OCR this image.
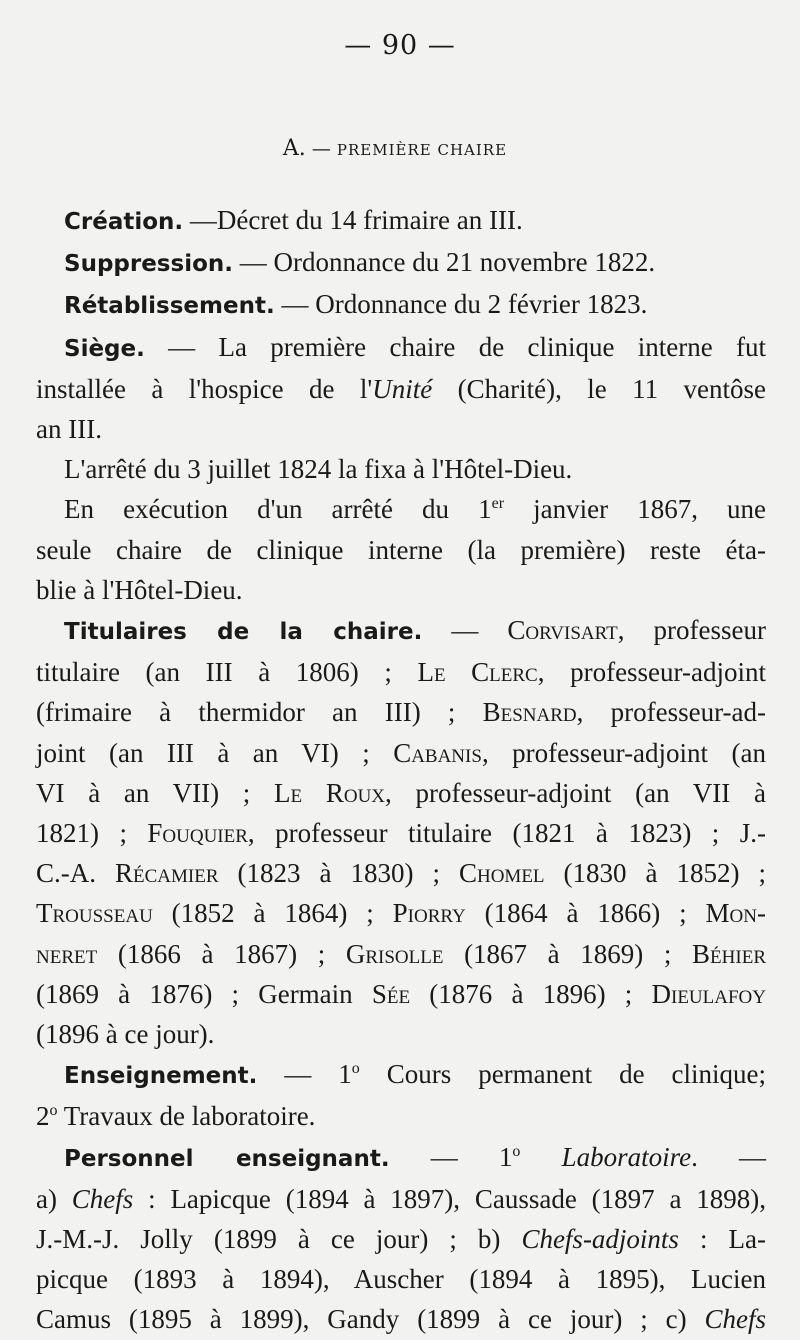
— 90 —
A. — PREMIÈRE CHAIRE
Création. —Décret du 14 frimaire an III.
Suppression. — Ordonnance du 21 novembre 1822.
Rétablissement. — Ordonnance du 2 février 1823.
Siège. — La première chaire de clinique interne fut
installée à l'hospice de l'Unité (Charité), le 11 ventôse
an III.
L'arrêté du 3 juillet 1824 la fixa à l'Hôtel-Dieu.
En exécution d'un arrêté du 1er janvier 1867, une
seule chaire de clinique interne (la première) reste éta-
blie à l'Hôtel-Dieu.
Titulaires de la chaire. — Corvisart, professeur
titulaire (an III à 1806) ; Le Clerc, professeur-adjoint
(frimaire à thermidor an III) ; Besnard, professeur-ad-
joint (an III à an VI) ; Cabanis, professeur-adjoint (an
VI à an VII) ; Le Roux, professeur-adjoint (an VII à
1821) ; Fouquier, professeur titulaire (1821 à 1823) ; J.-
C.-A. Récamier (1823 à 1830) ; Chomel (1830 à 1852) ;
Trousseau (1852 à 1864) ; Piorry (1864 à 1866) ; Mon-
neret (1866 à 1867) ; Grisolle (1867 à 1869) ; Béhier
(1869 à 1876) ; Germain Sée (1876 à 1896) ; Dieulafoy
(1896 à ce jour).
Enseignement. — 1$^o$ Cours permanent de clinique;
2$^o$ Travaux de laboratoire.
Personnel enseignant. — 1$^o$ Laboratoire. —
a) Chefs : Lapicque (1894 à 1897), Caussade (1897 a 1898),
J.-M.-J. Jolly (1899 à ce jour) ; b) Chefs-adjoints : La-
picque (1893 à 1894), Auscher (1894 à 1895), Lucien
Camus (1895 à 1899), Gandy (1899 à ce jour) ; c) Chefs
